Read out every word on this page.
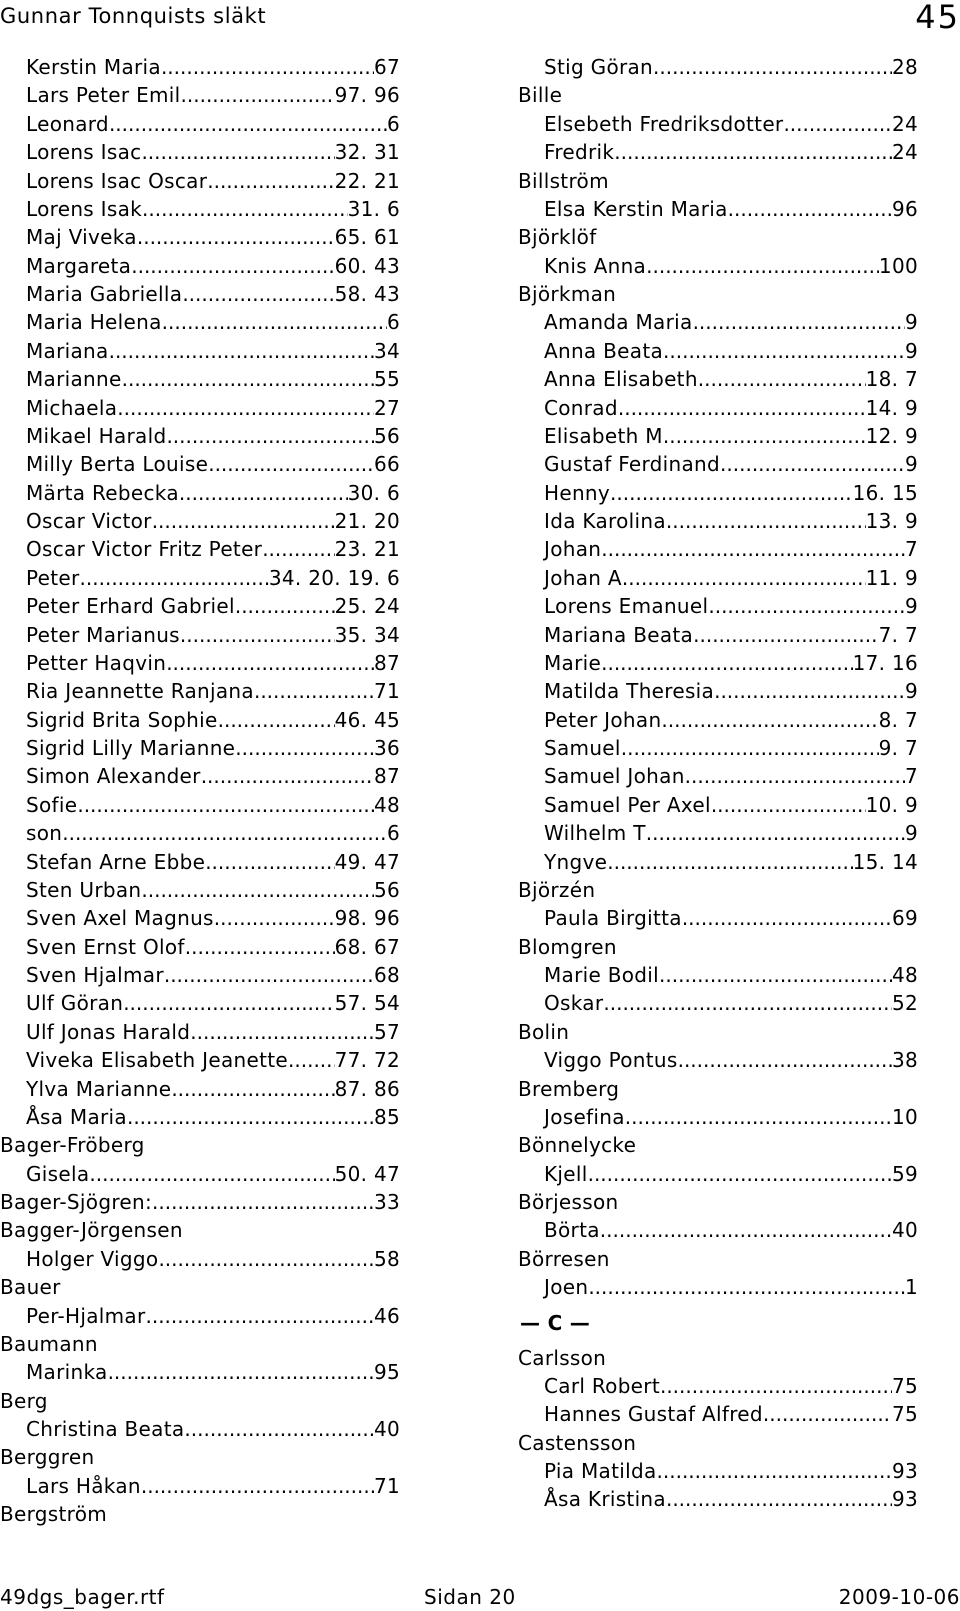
Gunnar Tonnquists släkt	45
Kerstin Maria .....	67
Lars Peter Emil .....	97. 96
Leonard .....	6
Lorens Isac .....	32. 31
Lorens Isac Oscar .....	22. 21
Lorens Isak .....	31. 6
Maj Viveka .....	65. 61
Margareta .....	60. 43
Maria Gabriella .....	58. 43
Maria Helena .....	6
Mariana .....	34
Marianne .....	55
Michaela .....	27
Mikael Harald .....	56
Milly Berta Louise .....	66
Märta Rebecka .....	30. 6
Oscar Victor .....	21. 20
Oscar Victor Fritz Peter .....	23. 21
Peter .....	34. 20. 19. 6
Peter Erhard Gabriel .....	25. 24
Peter Marianus .....	35. 34
Petter Haqvin .....	87
Ria Jeannette Ranjana .....	71
Sigrid Brita Sophie .....	46. 45
Sigrid Lilly Marianne .....	36
Simon Alexander .....	87
Sofie .....	48
son .....	6
Stefan Arne Ebbe .....	49. 47
Sten Urban .....	56
Sven Axel Magnus .....	98. 96
Sven Ernst Olof .....	68. 67
Sven Hjalmar .....	68
Ulf Göran .....	57. 54
Ulf Jonas Harald .....	57
Viveka Elisabeth Jeanette ..... 77. 72
Ylva Marianne .....	87. 86
Åsa Maria .....	85
Bager-Fröberg
Gisela .....	50. 47
Bager-Sjögren: .....	33
Bagger-Jörgensen
Holger Viggo .....	58
Bauer
Per-Hjalmar .....	46
Baumann
Marinka .....	95
Berg
Christina Beata .....	40
Berggren
Lars Håkan .....	71
Bergström
Stig Göran .....	28
Bille
Elsebeth Fredriksdotter .....	24
Fredrik .....	24
Billström
Elsa Kerstin Maria .....	96
Björklöf
Knis Anna .....	100
Björkman
Amanda Maria .....	9
Anna Beata .....	9
Anna Elisabeth .....	18. 7
Conrad .....	14. 9
Elisabeth M .....	12. 9
Gustaf Ferdinand .....	9
Henny .....	16. 15
Ida Karolina .....	13. 9
Johan .....	7
Johan A .....	11. 9
Lorens Emanuel .....	9
Mariana Beata .....	7. 7
Marie .....	17. 16
Matilda Theresia .....	9
Peter Johan .....	8. 7
Samuel .....	9. 7
Samuel Johan .....	7
Samuel Per Axel .....	10. 9
Wilhelm T .....	9
Yngve .....	15. 14
Björzén
Paula Birgitta .....	69
Blomgren
Marie Bodil .....	48
Oskar .....	52
Bolin
Viggo Pontus .....	38
Bremberg
Josefina .....	10
Bönnelycke
Kjell .....	59
Börjesson
Börta .....	40
Börresen
Joen .....	1
— C —
Carlsson
Carl Robert .....	75
Hannes Gustaf Alfred .....	75
Castensson
Pia Matilda .....	93
Åsa Kristina .....	93
49dgs_bager.rtf	Sidan 20	2009-10-06
